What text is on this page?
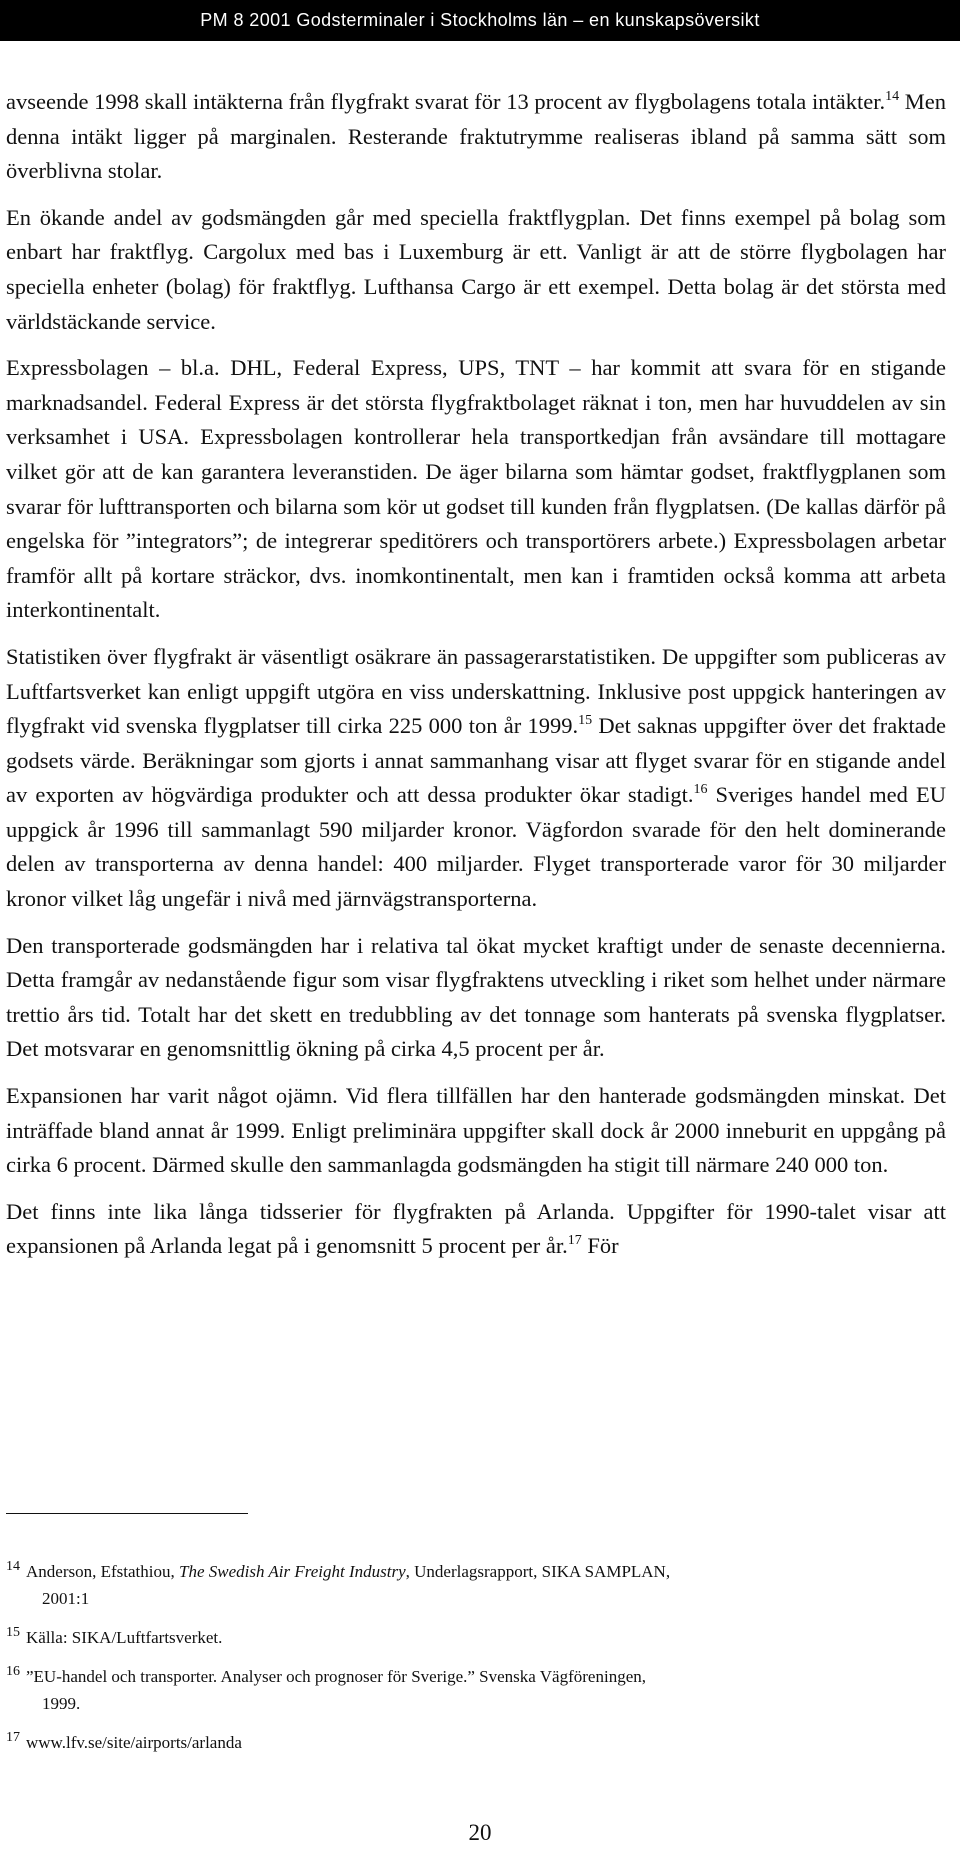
PM 8 2001 Godsterminaler i Stockholms län – en kunskapsöversikt

avseende 1998 skall intäkterna från flygfrakt svarat för 13 procent av flygbolagens totala intäkter.$^{14}$ Men denna intäkt ligger på marginalen. Resterande fraktutrymme realiseras ibland på samma sätt som överblivna stolar.

En ökande andel av godsmängden går med speciella fraktflygplan. Det finns exempel på bolag som enbart har fraktflyg. Cargolux med bas i Luxemburg är ett. Vanligt är att de större flygbolagen har speciella enheter (bolag) för fraktflyg. Lufthansa Cargo är ett exempel. Detta bolag är det största med världstäckande service.

Expressbolagen – bl.a. DHL, Federal Express, UPS, TNT – har kommit att svara för en stigande marknadsandel. Federal Express är det största flygfraktbolaget räknat i ton, men har huvuddelen av sin verksamhet i USA. Expressbolagen kontrollerar hela transportkedjan från avsändare till mottagare vilket gör att de kan garantera leveranstiden. De äger bilarna som hämtar godset, fraktflygplanen som svarar för lufttransporten och bilarna som kör ut godset till kunden från flygplatsen. (De kallas därför på engelska för ”integrators”; de integrerar speditörers och transportörers arbete.) Expressbolagen arbetar framför allt på kortare sträckor, dvs. inomkontinentalt, men kan i framtiden också komma att arbeta interkontinentalt.

Statistiken över flygfrakt är väsentligt osäkrare än passagerarstatistiken. De uppgifter som publiceras av Luftfartsverket kan enligt uppgift utgöra en viss underskattning. Inklusive post uppgick hanteringen av flygfrakt vid svenska flygplatser till cirka 225 000 ton år 1999.15 Det saknas uppgifter över det fraktade godsets värde. Beräkningar som gjorts i annat sammanhang visar att flyget svarar för en stigande andel av exporten av högvärdiga produkter och att dessa produkter ökar stadigt.$^{16}$ Sveriges handel med EU uppgick år 1996 till sammanlagt 590 miljarder kronor. Vägfordon svarade för den helt dominerande delen av transporterna av denna handel: 400 miljarder. Flyget transporterade varor för 30 miljarder kronor vilket låg ungefär i nivå med järnvägstransporterna.

Den transporterade godsmängden har i relativa tal ökat mycket kraftigt under de senaste decennierna. Detta framgår av nedanstående figur som visar flygfraktens utveckling i riket som helhet under närmare trettio års tid. Totalt har det skett en tredubbling av det tonnage som hanterats på svenska flygplatser. Det motsvarar en genomsnittlig ökning på cirka 4,5 procent per år.

Expansionen har varit något ojämn. Vid flera tillfällen har den hanterade godsmängden minskat. Det inträffade bland annat år 1999. Enligt preliminära uppgifter skall dock år 2000 inneburit en uppgång på cirka 6 procent. Därmed skulle den sammanlagda godsmängden ha stigit till närmare 240 000 ton.

Det finns inte lika långa tidsserier för flygfrakten på Arlanda. Uppgifter för 1990-talet visar att expansionen på Arlanda legat på i genomsnitt 5 procent per år.$^{17}$ För

$^{14}$ Anderson, Efstathiou, The Swedish Air Freight Industry, Underlagsrapport, SIKA SAMPLAN,
2001:1
$^{15}$ Källa: SIKA/Luftfartsverket.
$^{16}$ ”EU-handel och transporter. Analyser och prognoser för Sverige.” Svenska Vägföreningen,
1999.
$^{17}$ www.lfv.se/site/airports/arlanda
20
